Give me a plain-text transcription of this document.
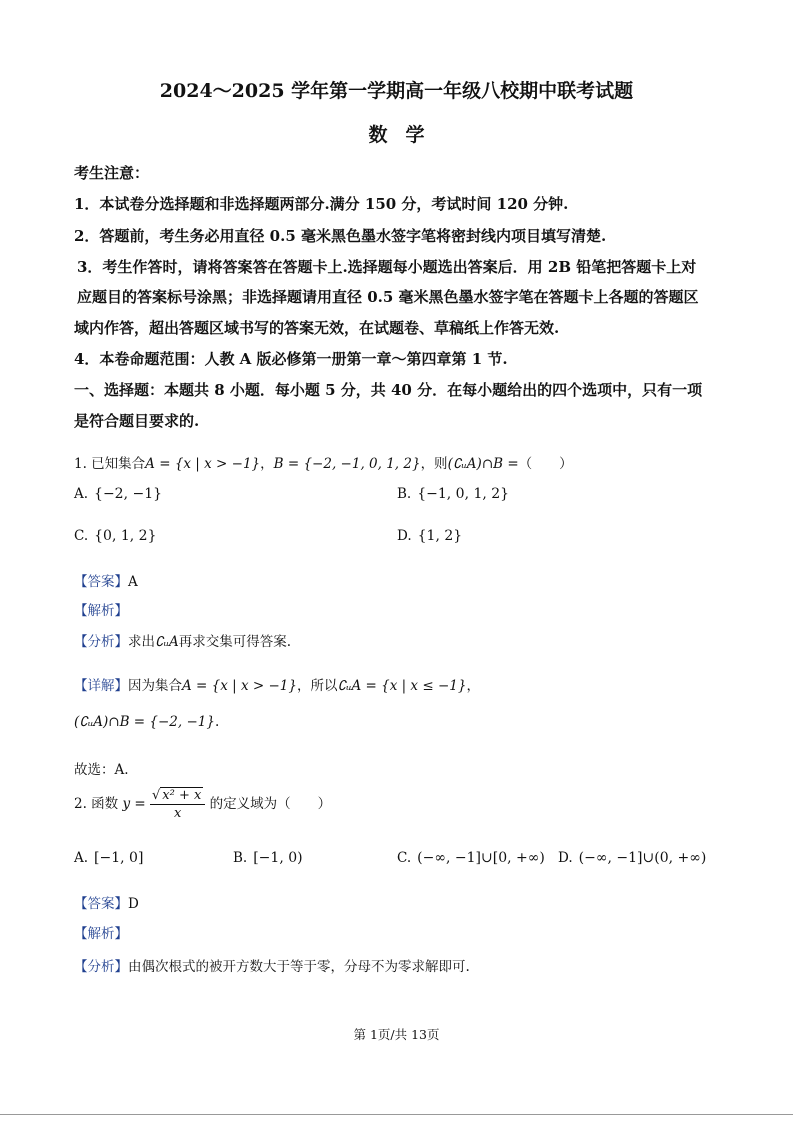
2024～2025 学年第一学期高一年级八校期中联考试题
数学
考生注意：
1．本试卷分选择题和非选择题两部分.满分 150 分，考试时间 120 分钟.
2．答题前，考生务必用直径 0.5 毫米黑色墨水签字笔将密封线内项目填写清楚.
3．考生作答时，请将答案答在答题卡上.选择题每小题选出答案后．用 2B 铅笔把答题卡上对
应题目的答案标号涂黑；非选择题请用直径 0.5 毫米黑色墨水签字笔在答题卡上各题的答题区
域内作答，超出答题区域书写的答案无效，在试题卷、草稿纸上作答无效.
4．本卷命题范围：人教 A 版必修第一册第一章～第四章第 1 节.
一、选择题：本题共 8 小题．每小题 5 分，共 40 分．在每小题给出的四个选项中，只有一项
是符合题目要求的.
1. 已知集合A = {x | x > −1}，B = {−2, −1, 0, 1, 2}，则(∁ᵤA)∩B =（　　）
A. {−2, −1}	B. {−1, 0, 1, 2}
C. {0, 1, 2}	D. {1, 2}
【答案】A
【解析】
【分析】求出∁ᵤA再求交集可得答案.
【详解】因为集合A = {x | x > −1}，所以∁ᵤA = {x | x ≤ −1}，
(∁ᵤA)∩B = {−2, −1}.
故选：A.
2. 函数 $y = \frac{\text{√ x² + x}}{x}$ 的定义域为（　　）
A. [−1, 0]	B. [−1, 0)	C. (−∞, −1]∪[0, +∞) D. (−∞, −1]∪(0, +∞)
【答案】D
【解析】
【分析】由偶次根式的被开方数大于等于零，分母不为零求解即可.
第 1页/共 13页
